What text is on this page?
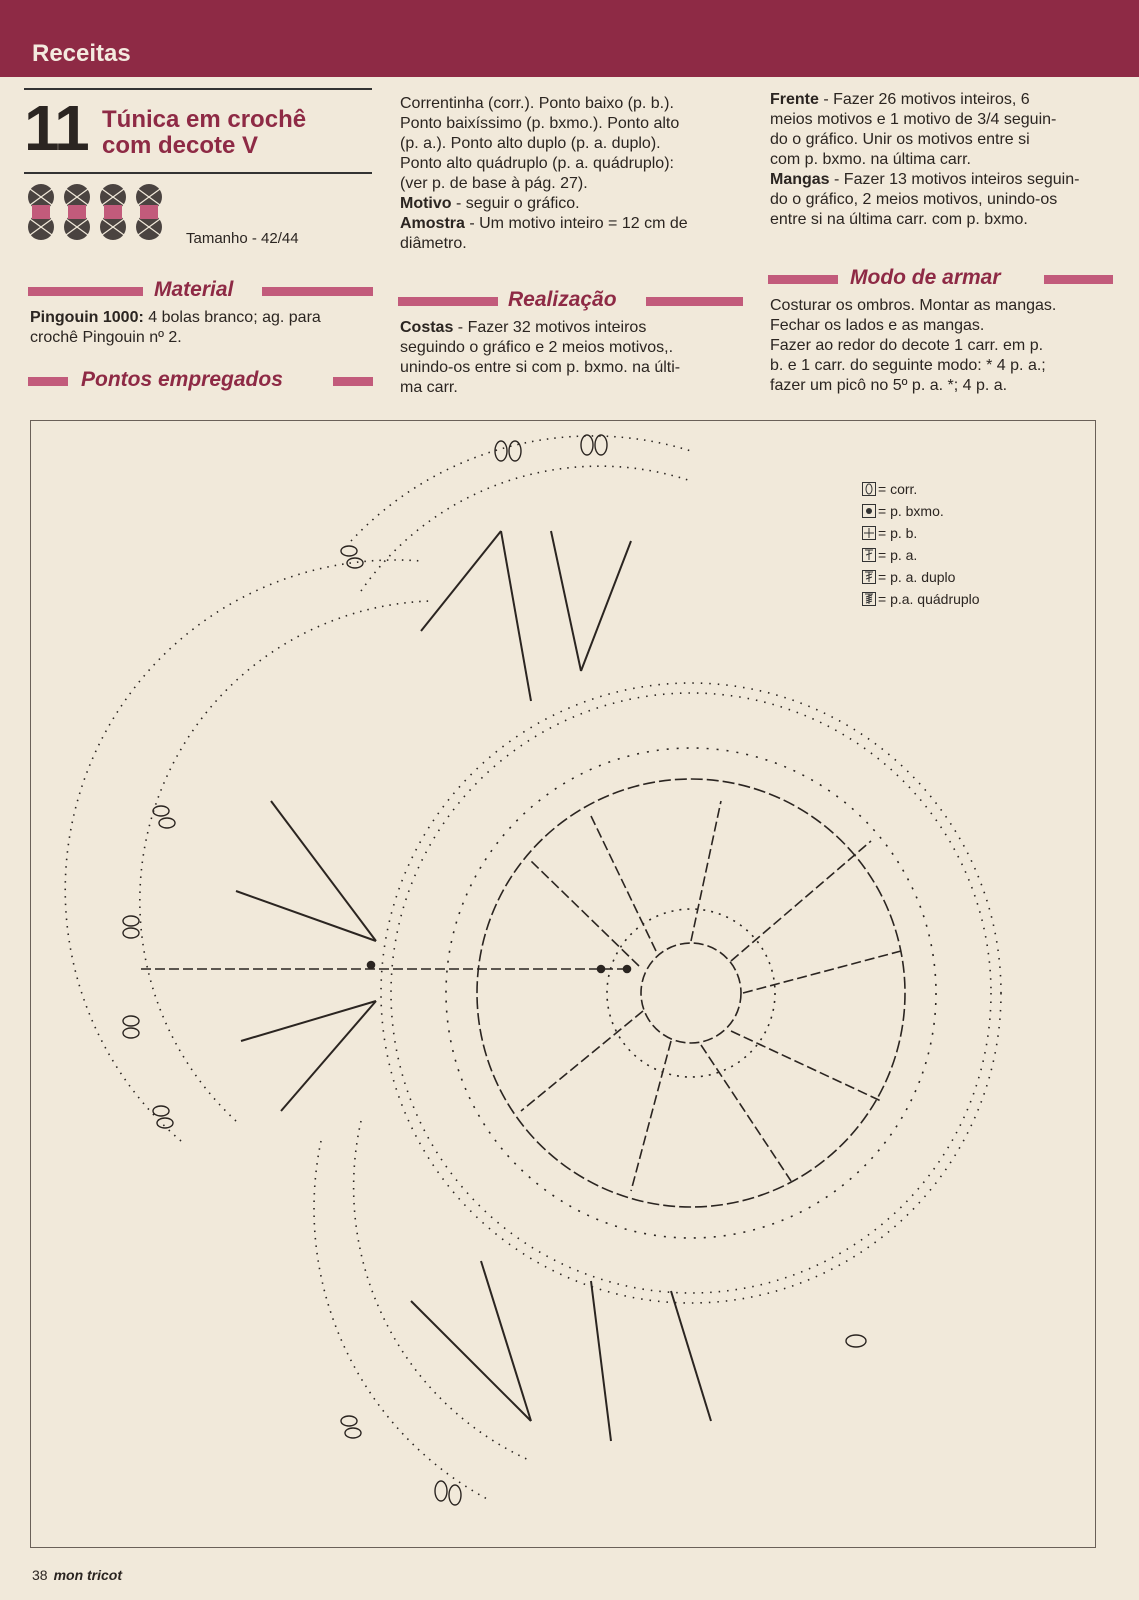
Receitas
11 Túnica em crochê
com decote V
Tamanho - 42/44
Material

Pingouin 1000: 4 bolas branco; ag. para

crochê Pingouin nº 2.

Pontos empregados

Correntinha (corr.). Ponto baixo (p. b.).

Ponto baixíssimo (p. bxmo.). Ponto alto

(p. a.). Ponto alto duplo (p. a. duplo).

Ponto alto quádruplo (p. a. quádruplo):

(ver p. de base à pág. 27).

Motivo - seguir o gráfico.

Amostra - Um motivo inteiro = 12 cm de

diâmetro.

Realização

Costas - Fazer 32 motivos inteiros

seguindo o gráfico e 2 meios motivos,.

unindo-os entre si com p. bxmo. na últi-

ma carr.

Frente - Fazer 26 motivos inteiros, 6

meios motivos e 1 motivo de 3/4 seguin-

do o gráfico. Unir os motivos entre si

com p. bxmo. na última carr.

Mangas - Fazer 13 motivos inteiros seguin-

do o gráfico, 2 meios motivos, unindo-os

entre si na última carr. com p. bxmo.

Modo de armar

Costurar os ombros. Montar as mangas.

Fechar os lados e as mangas.

Fazer ao redor do decote 1 carr. em p.

b. e 1 carr. do seguinte modo: * 4 p. a.;

fazer um picô no 5º p. a. *; 4 p. a.

= corr.
= p. bxmo.
= p. b.
= p. a.
= p. a. duplo
= p.a. quádruplo
38 mon tricot
